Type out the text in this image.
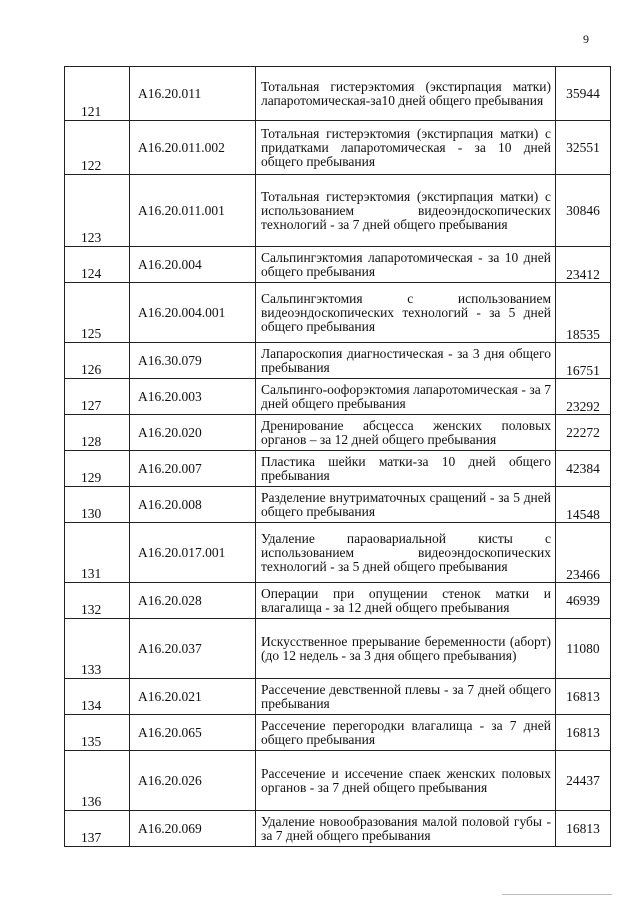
9
121	A16.20.011	Тотальная гистерэктомия (экстирпация матки) лапаротомическая-за10 дней общего пребывания	35944
122	A16.20.011.002	Тотальная гистерэктомия (экстирпация матки) с придатками лапаротомическая - за 10 дней общего пребывания	32551
123	A16.20.011.001	Тотальная гистерэктомия (экстирпация матки) с использованием видеоэндоскопических технологий - за 7 дней общего пребывания	30846
124	A16.20.004	Сальпингэктомия лапаротомическая - за 10 дней общего пребывания	23412
125	A16.20.004.001	Сальпингэктомия с использованием видеоэндоскопических технологий - за 5 дней общего пребывания	18535
126	A16.30.079	Лапароскопия диагностическая - за 3 дня общего пребывания	16751
127	A16.20.003	Сальпинго-оофорэктомия лапаротомическая - за 7 дней общего пребывания	23292
128	A16.20.020	Дренирование абсцесса женских половых органов – за 12 дней общего пребывания	22272
129	A16.20.007	Пластика шейки матки-за 10 дней общего пребывания	42384
130	A16.20.008	Разделение внутриматочных сращений - за 5 дней общего пребывания	14548
131	A16.20.017.001	Удаление параовариальной кисты с использованием видеоэндоскопических технологий - за 5 дней общего пребывания	23466
132	A16.20.028	Операции при опущении стенок матки и влагалища - за 12 дней общего пребывания	46939
133	A16.20.037	Искусственное прерывание беременности (аборт) (до 12 недель - за 3 дня общего пребывания)	11080
134	A16.20.021	Рассечение девственной плевы - за 7 дней общего пребывания	16813
135	A16.20.065	Рассечение перегородки влагалища - за 7 дней общего пребывания	16813
136	A16.20.026	Рассечение и иссечение спаек женских половых органов - за 7 дней общего пребывания	24437
137	A16.20.069	Удаление новообразования малой половой губы - за 7 дней общего пребывания	16813
